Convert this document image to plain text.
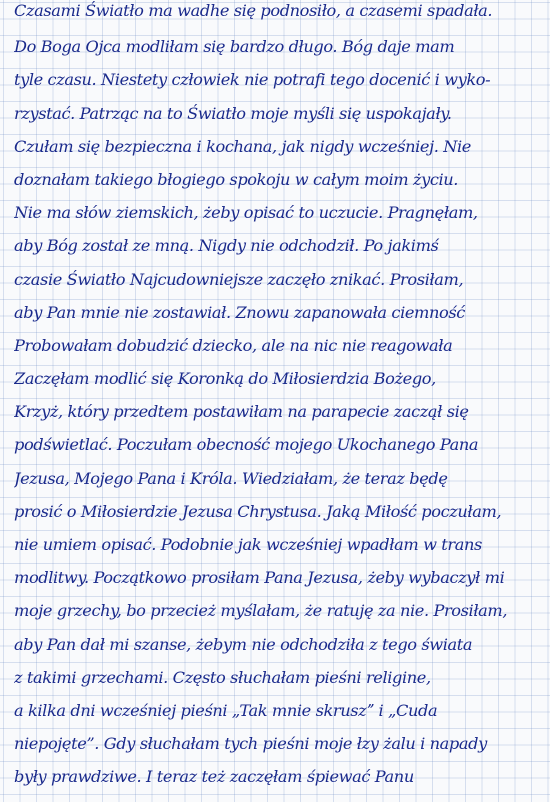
Czasami Światło ma wadhe się podnosiło, a czasemi spadała.
Do Boga Ojca modliłam się bardzo długo. Bóg daje mam
tyle czasu. Niestety człowiek nie potrafi tego docenić i wyko-
rzystać. Patrząc na to Światło moje myśli się uspokajały.
Czułam się bezpieczna i kochana, jak nigdy wcześniej. Nie
doznałam takiego błogiego spokoju w całym moim życiu.
Nie ma słów ziemskich, żeby opisać to uczucie. Pragnęłam,
aby Bóg został ze mną. Nigdy nie odchodził. Po jakimś
czasie Światło Najcudowniejsze zaczęło znikać. Prosiłam,
aby Pan mnie nie zostawiał. Znowu zapanowała ciemność
Probowałam dobudzić dziecko, ale na nic nie reagowała
Zaczęłam modlić się Koronką do Miłosierdzia Bożego,
Krzyż, który przedtem postawiłam na parapecie zaczął się
podświetlać. Poczułam obecność mojego Ukochanego Pana
Jezusa, Mojego Pana i Króla. Wiedziałam, że teraz będę
prosić o Miłosierdzie Jezusa Chrystusa. Jaką Miłość poczułam,
nie umiem opisać. Podobnie jak wcześniej wpadłam w trans
modlitwy. Początkowo prosiłam Pana Jezusa, żeby wybaczył mi
moje grzechy, bo przecież myślałam, że ratuję za nie. Prosiłam,
aby Pan dał mi szanse, żebym nie odchodziła z tego świata
z takimi grzechami. Często słuchałam pieśni religine,
a kilka dni wcześniej pieśni „Tak mnie skruszˮ i „Cuda
niepojęte”. Gdy słuchałam tych pieśni moje łzy żalu i napady
były prawdziwe. I teraz też zaczęłam śpiewać Panu
